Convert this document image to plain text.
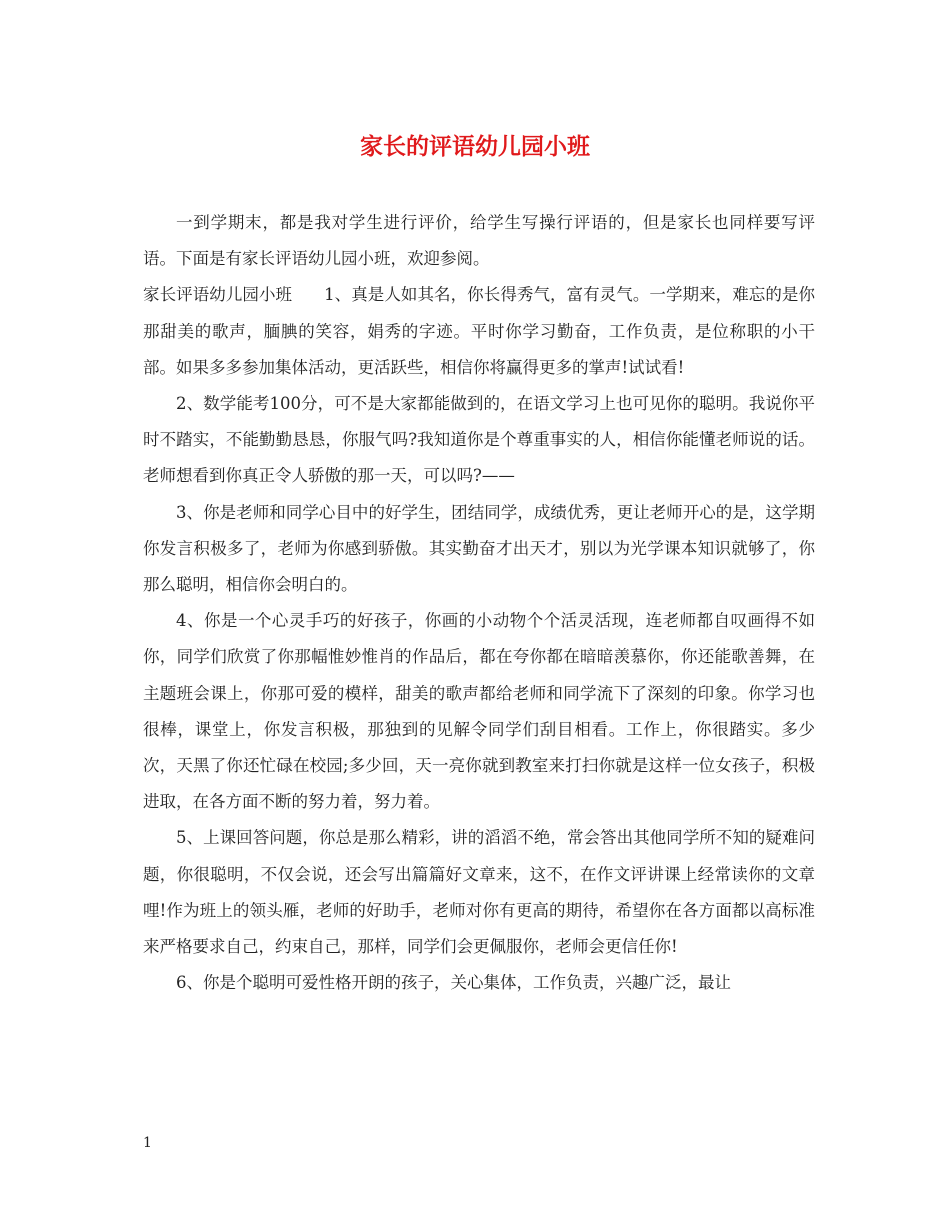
家长的评语幼儿园小班

一到学期末，都是我对学生进行评价，给学生写操行评语的，但是家长也同样要写评语。下面是有家长评语幼儿园小班，欢迎参阅。

家长评语幼儿园小班 1、真是人如其名，你长得秀气，富有灵气。一学期来，难忘的是你那甜美的歌声，腼腆的笑容，娟秀的字迹。平时你学习勤奋，工作负责，是位称职的小干部。如果多多参加集体活动，更活跃些，相信你将赢得更多的掌声!试试看!

2、数学能考100分，可不是大家都能做到的，在语文学习上也可见你的聪明。我说你平时不踏实，不能勤勤恳恳，你服气吗?我知道你是个尊重事实的人，相信你能懂老师说的话。老师想看到你真正令人骄傲的那一天，可以吗?——

3、你是老师和同学心目中的好学生，团结同学，成绩优秀，更让老师开心的是，这学期你发言积极多了，老师为你感到骄傲。其实勤奋才出天才，别以为光学课本知识就够了，你那么聪明，相信你会明白的。

4、你是一个心灵手巧的好孩子，你画的小动物个个活灵活现，连老师都自叹画得不如你，同学们欣赏了你那幅惟妙惟肖的作品后，都在夸你都在暗暗羡慕你，你还能歌善舞，在主题班会课上，你那可爱的模样，甜美的歌声都给老师和同学流下了深刻的印象。你学习也很棒，课堂上，你发言积极，那独到的见解令同学们刮目相看。工作上，你很踏实。多少次，天黑了你还忙碌在校园;多少回，天一亮你就到教室来打扫你就是这样一位女孩子，积极进取，在各方面不断的努力着，努力着。

5、上课回答问题，你总是那么精彩，讲的滔滔不绝，常会答出其他同学所不知的疑难问题，你很聪明，不仅会说，还会写出篇篇好文章来，这不，在作文评讲课上经常读你的文章哩!作为班上的领头雁，老师的好助手，老师对你有更高的期待，希望你在各方面都以高标准来严格要求自己，约束自己，那样，同学们会更佩服你，老师会更信任你!

6、你是个聪明可爱性格开朗的孩子，关心集体，工作负责，兴趣广泛，最让

1
